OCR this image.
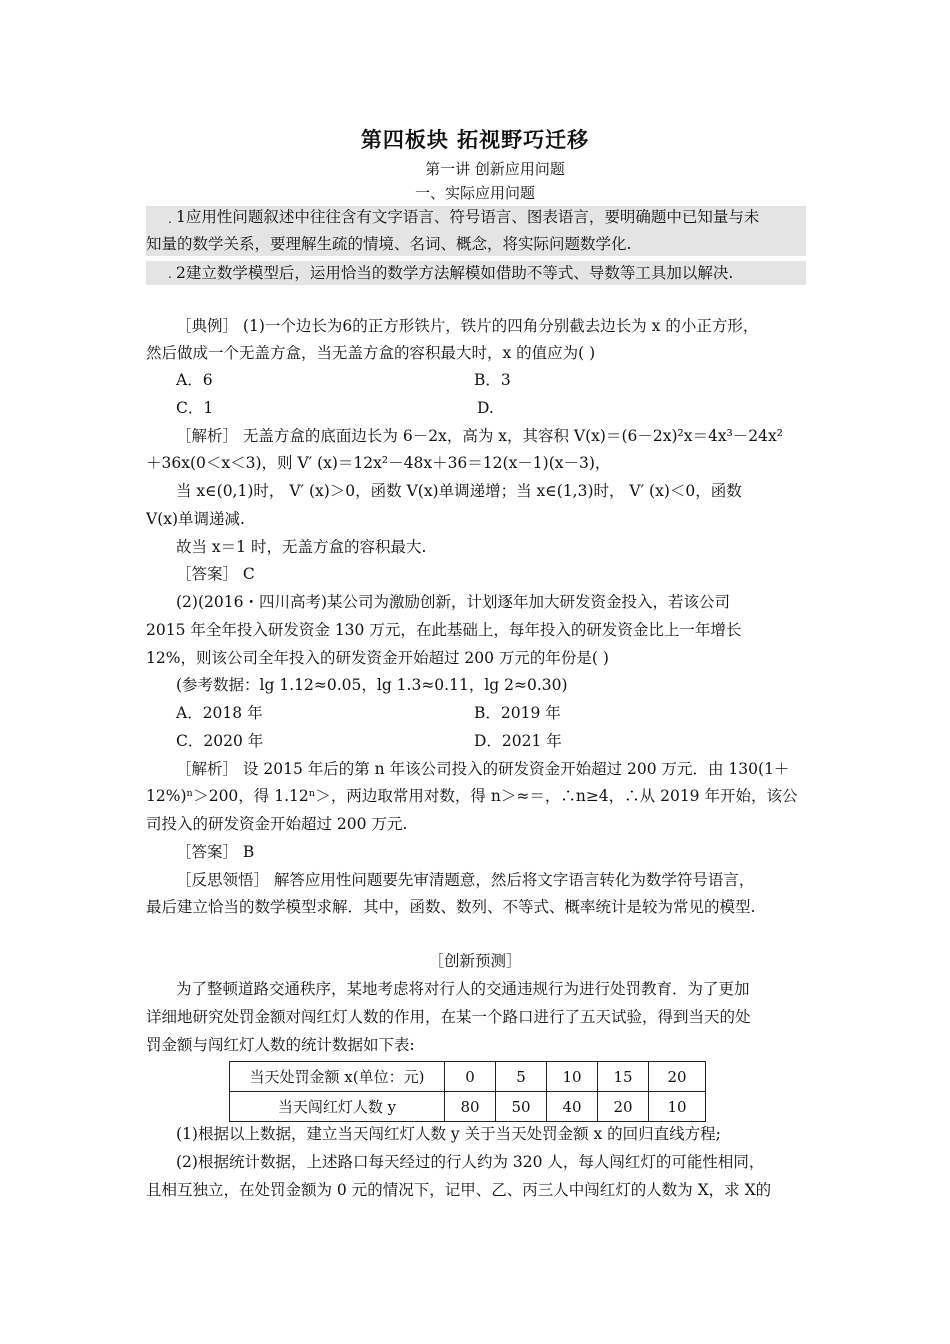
第四板块 拓视野巧迁移
第一讲 创新应用问题
一、实际应用问题
.
.
1应用性问题叙述中往往含有文字语言、符号语言、图表语言，要明确题中已知量与未
知量的数学关系，要理解生疏的情境、名词、概念，将实际问题数学化.
2建立数学模型后，运用恰当的数学方法解模如借助不等式、导数等工具加以解决.
［典例］ (1)一个边长为6的正方形铁片，铁片的四角分别截去边长为 x 的小正方形，
然后做成一个无盖方盒，当无盖方盒的容积最大时，x 的值应为( )
A．6	B．3
C．1	D.
［解析］ 无盖方盒的底面边长为 6－2x，高为 x，其容积 V(x)＝(6－2x)²x＝4x³－24x²
＋36x(0＜x＜3)，则 V′ (x)＝12x²－48x＋36＝12(x－1)(x－3)，
当 x∈(0,1)时， V′ (x)＞0，函数 V(x)单调递增；当 x∈(1,3)时， V′ (x)＜0，函数
V(x)单调递减.
故当 x＝1 时，无盖方盒的容积最大.
［答案］ C
(2)(2016・四川高考)某公司为激励创新，计划逐年加大研发资金投入，若该公司
2015 年全年投入研发资金 130 万元，在此基础上，每年投入的研发资金比上一年增长
12%，则该公司全年投入的研发资金开始超过 200 万元的年份是( )
(参考数据：lg 1.12≈0.05，lg 1.3≈0.11，lg 2≈0.30)
A．2018 年	B．2019 年
C．2020 年	D．2021 年
［解析］ 设 2015 年后的第 n 年该公司投入的研发资金开始超过 200 万元．由 130(1＋
12%)ⁿ＞200，得 1.12ⁿ＞，两边取常用对数，得 n＞≈＝，∴n≥4，∴从 2019 年开始，该公
司投入的研发资金开始超过 200 万元.
［答案］ B
［反思领悟］ 解答应用性问题要先审清题意，然后将文字语言转化为数学符号语言，
最后建立恰当的数学模型求解．其中，函数、数列、不等式、概率统计是较为常见的模型.
［创新预测］
为了整顿道路交通秩序，某地考虑将对行人的交通违规行为进行处罚教育．为了更加
详细地研究处罚金额对闯红灯人数的作用，在某一个路口进行了五天试验，得到当天的处
罚金额与闯红灯人数的统计数据如下表:
当天处罚金额 x(单位：元)	0	5	10	15	20
当天闯红灯人数 y	80	50	40	20	10
(1)根据以上数据，建立当天闯红灯人数 y 关于当天处罚金额 x 的回归直线方程;
(2)根据统计数据，上述路口每天经过的行人约为 320 人，每人闯红灯的可能性相同，
且相互独立，在处罚金额为 0 元的情况下，记甲、乙、丙三人中闯红灯的人数为 X，求 X的
